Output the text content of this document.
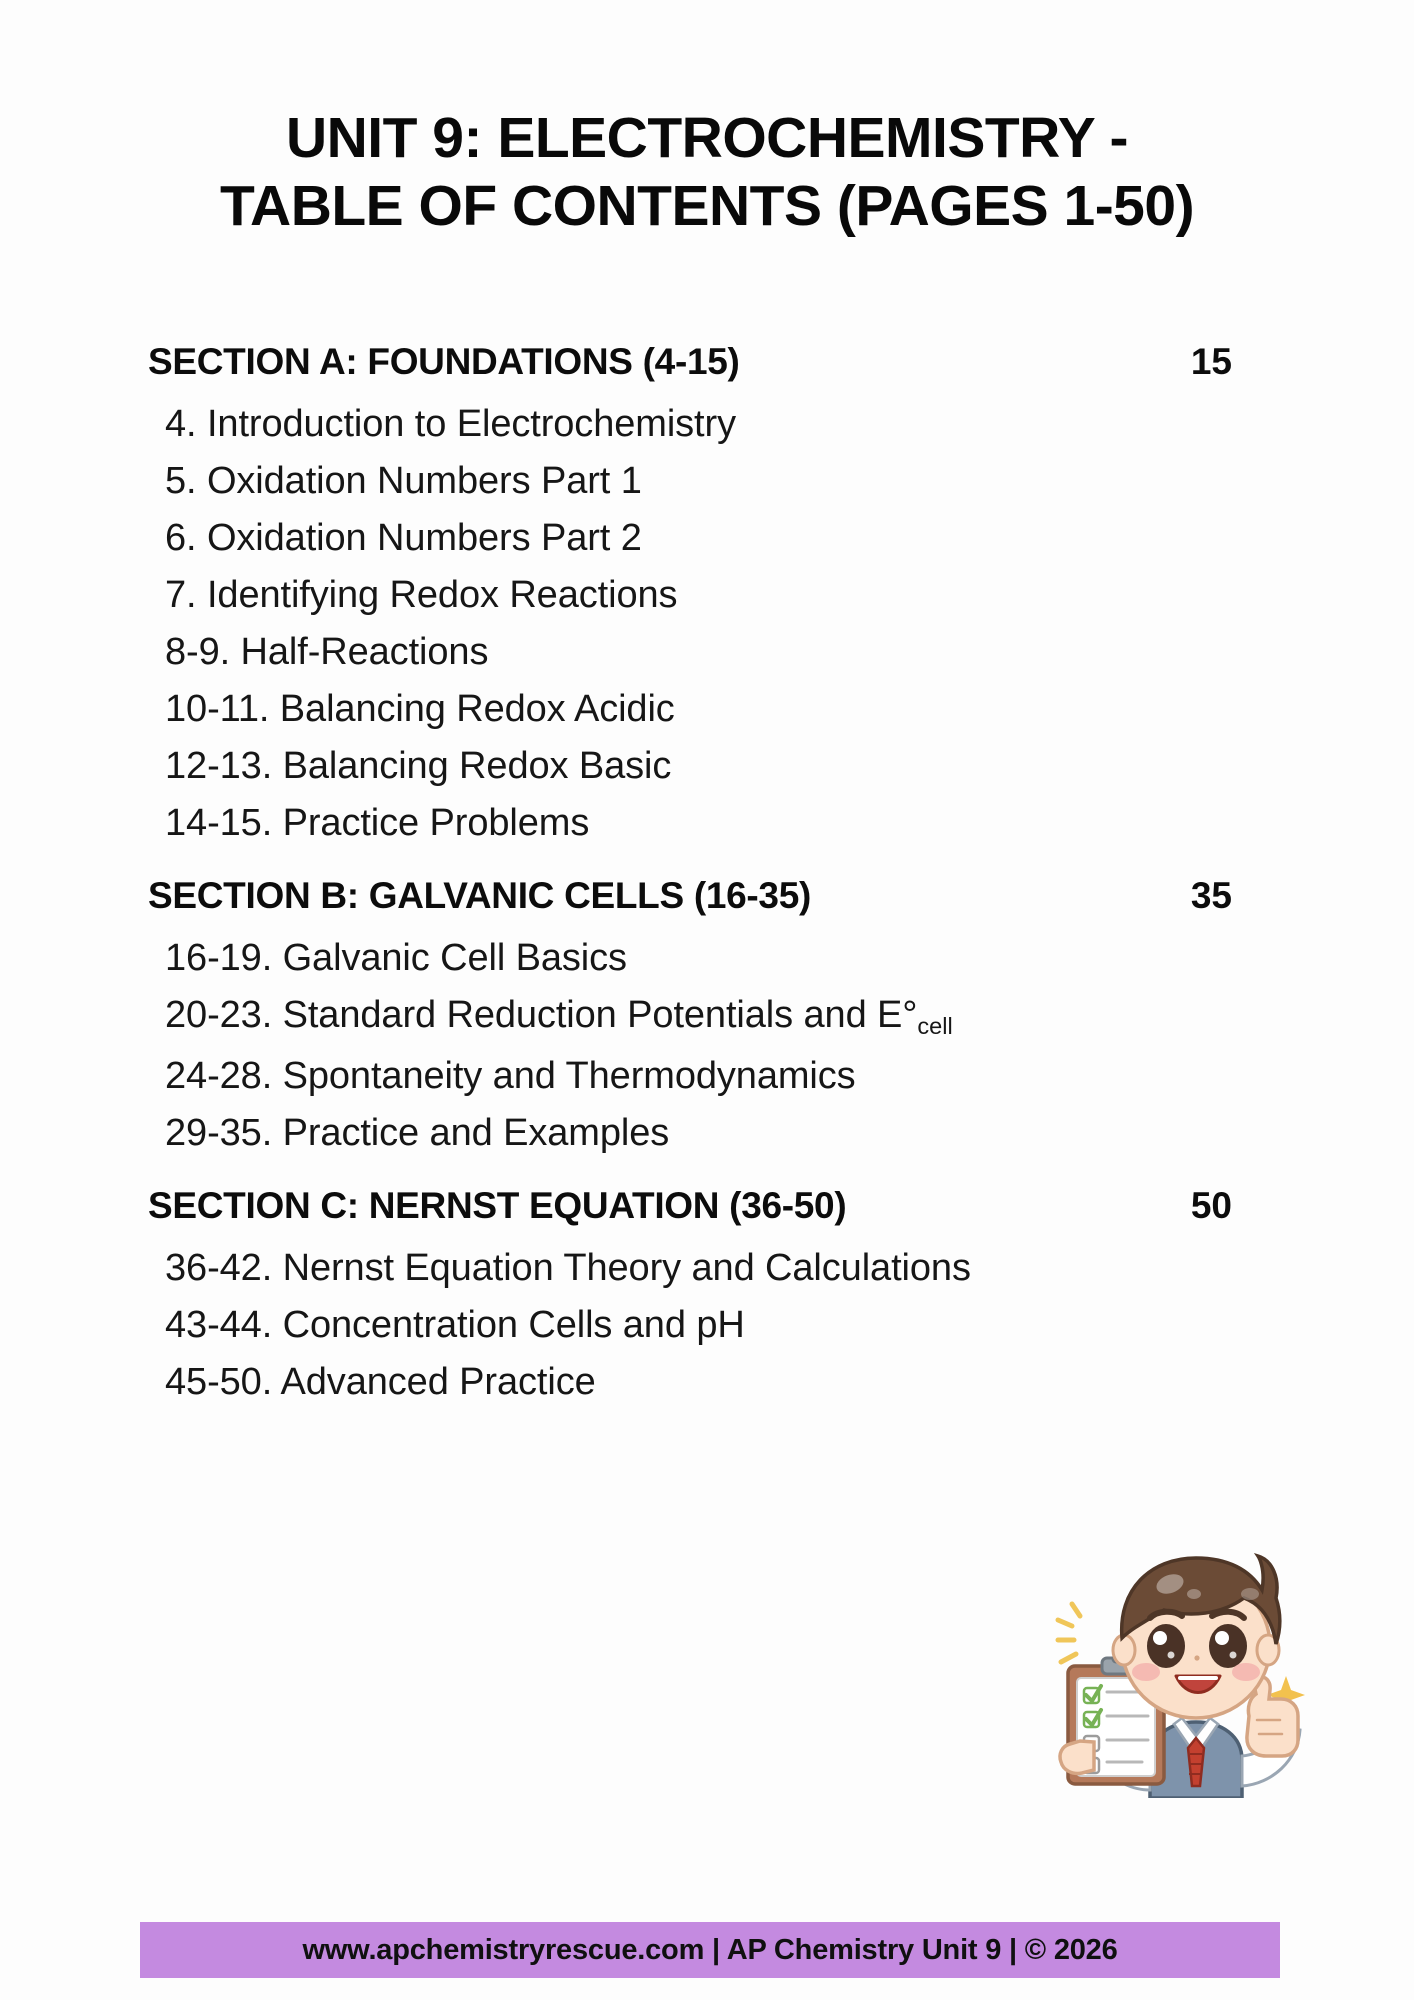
UNIT 9: ELECTROCHEMISTRY -
TABLE OF CONTENTS (PAGES 1-50)
SECTION A: FOUNDATIONS (4-15)	15
4. Introduction to Electrochemistry
5. Oxidation Numbers Part 1
6. Oxidation Numbers Part 2
7. Identifying Redox Reactions
8-9. Half-Reactions
10-11. Balancing Redox Acidic
12-13. Balancing Redox Basic
14-15. Practice Problems
SECTION B: GALVANIC CELLS (16-35)	35
16-19. Galvanic Cell Basics
20-23. Standard Reduction Potentials and $E^\circ_{cell}$
24-28. Spontaneity and Thermodynamics
29-35. Practice and Examples
SECTION C: NERNST EQUATION (36-50)	50
36-42. Nernst Equation Theory and Calculations
43-44. Concentration Cells and pH
45-50. Advanced Practice
www.apchemistryrescue.com | AP Chemistry Unit 9 | © 2026
